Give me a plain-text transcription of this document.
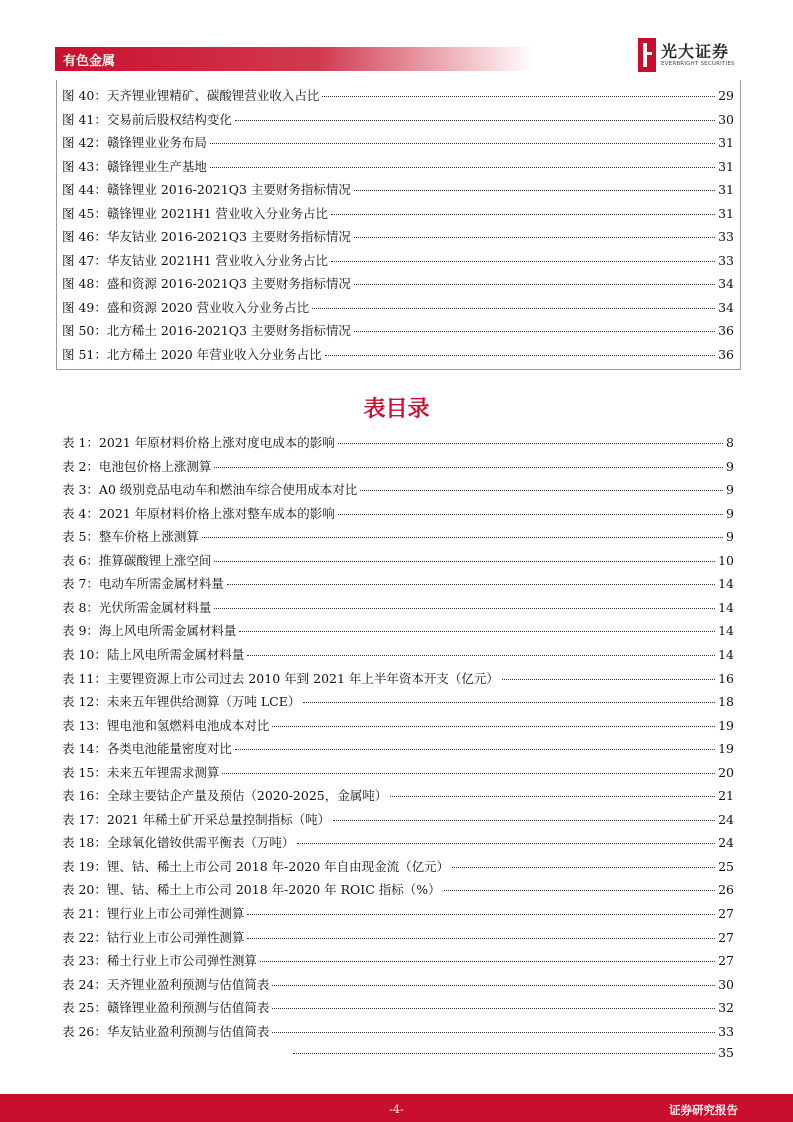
有色金属
光大证券
EVERBRIGHT SECURITIES
图 40：天齐锂业锂精矿、碳酸锂营业收入占比	29
图 41：交易前后股权结构变化	30
图 42：赣锋锂业业务布局	31
图 43：赣锋锂业生产基地	31
图 44：赣锋锂业 2016-2021Q3 主要财务指标情况	31
图 45：赣锋锂业 2021H1 营业收入分业务占比	31
图 46：华友钴业 2016-2021Q3 主要财务指标情况	33
图 47：华友钴业 2021H1 营业收入分业务占比	33
图 48：盛和资源 2016-2021Q3 主要财务指标情况	34
图 49：盛和资源 2020 营业收入分业务占比	34
图 50：北方稀土 2016-2021Q3 主要财务指标情况	36
图 51：北方稀土 2020 年营业收入分业务占比	36
表目录
表 1：2021 年原材料价格上涨对度电成本的影响	8
表 2：电池包价格上涨测算	9
表 3：A0 级别竞品电动车和燃油车综合使用成本对比	9
表 4：2021 年原材料价格上涨对整车成本的影响	9
表 5：整车价格上涨测算	9
表 6：推算碳酸锂上涨空间	10
表 7：电动车所需金属材料量	14
表 8：光伏所需金属材料量	14
表 9：海上风电所需金属材料量	14
表 10：陆上风电所需金属材料量	14
表 11：主要锂资源上市公司过去 2010 年到 2021 年上半年资本开支（亿元）	16
表 12：未来五年锂供给测算（万吨 LCE）	18
表 13：锂电池和氢燃料电池成本对比	19
表 14：各类电池能量密度对比	19
表 15：未来五年锂需求测算	20
表 16：全球主要钴企产量及预估（2020-2025，金属吨）	21
表 17：2021 年稀土矿开采总量控制指标（吨）	24
表 18：全球氧化镨钕供需平衡表（万吨）	24
表 19：锂、钴、稀土上市公司 2018 年-2020 年自由现金流（亿元）	25
表 20：锂、钴、稀土上市公司 2018 年-2020 年 ROIC 指标（%）	26
表 21：锂行业上市公司弹性测算	27
表 22：钴行业上市公司弹性测算	27
表 23：稀土行业上市公司弹性测算	27
表 24：天齐锂业盈利预测与估值简表	30
表 25：赣锋锂业盈利预测与估值简表	32
表 26：华友钴业盈利预测与估值简表	33
35
-4-	证券研究报告
